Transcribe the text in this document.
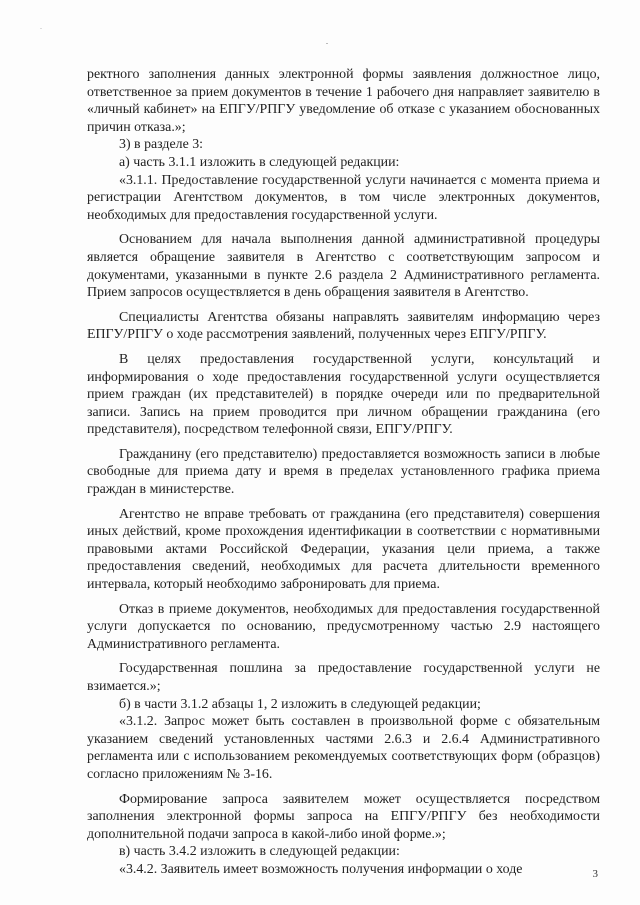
ректного заполнения данных электронной формы заявления должностное лицо, ответственное за прием документов в течение 1 рабочего дня направляет заявителю в «личный кабинет» на ЕПГУ/РПГУ уведомление об отказе с указанием обоснованных причин отказа.»;

3) в разделе 3:

а) часть 3.1.1 изложить в следующей редакции:

«3.1.1. Предоставление государственной услуги начинается с момента приема и регистрации Агентством документов, в том числе электронных документов, необходимых для предоставления государственной услуги.

Основанием для начала выполнения данной административной процедуры является обращение заявителя в Агентство с соответствующим запросом и документами, указанными в пункте 2.6 раздела 2 Административного регламента. Прием запросов осуществляется в день обращения заявителя в Агентство.

Специалисты Агентства обязаны направлять заявителям информацию через ЕПГУ/РПГУ о ходе рассмотрения заявлений, полученных через ЕПГУ/РПГУ.

В целях предоставления государственной услуги, консультаций и информирования о ходе предоставления государственной услуги осуществляется прием граждан (их представителей) в порядке очереди или по предварительной записи. Запись на прием проводится при личном обращении гражданина (его представителя), посредством телефонной связи, ЕПГУ/РПГУ.

Гражданину (его представителю) предоставляется возможность записи в любые свободные для приема дату и время в пределах установленного графика приема граждан в министерстве.

Агентство не вправе требовать от гражданина (его представителя) совершения иных действий, кроме прохождения идентификации в соответствии с нормативными правовыми актами Российской Федерации, указания цели приема, а также предоставления сведений, необходимых для расчета длительности временного интервала, который необходимо забронировать для приема.

Отказ в приеме документов, необходимых для предоставления государственной услуги допускается по основанию, предусмотренному частью 2.9 настоящего Административного регламента.

Государственная пошлина за предоставление государственной услуги не взимается.»;

б) в части 3.1.2 абзацы 1, 2 изложить в следующей редакции;

«3.1.2. Запрос может быть составлен в произвольной форме с обязательным указанием сведений установленных частями 2.6.3 и 2.6.4 Административного регламента или с использованием рекомендуемых соответствующих форм (образцов) согласно приложениям № 3-16.

Формирование запроса заявителем может осуществляется посредством заполнения электронной формы запроса на ЕПГУ/РПГУ без необходимости дополнительной подачи запроса в какой-либо иной форме.»;

в) часть 3.4.2 изложить в следующей редакции:

«3.4.2. Заявитель имеет возможность получения информации о ходе	3
